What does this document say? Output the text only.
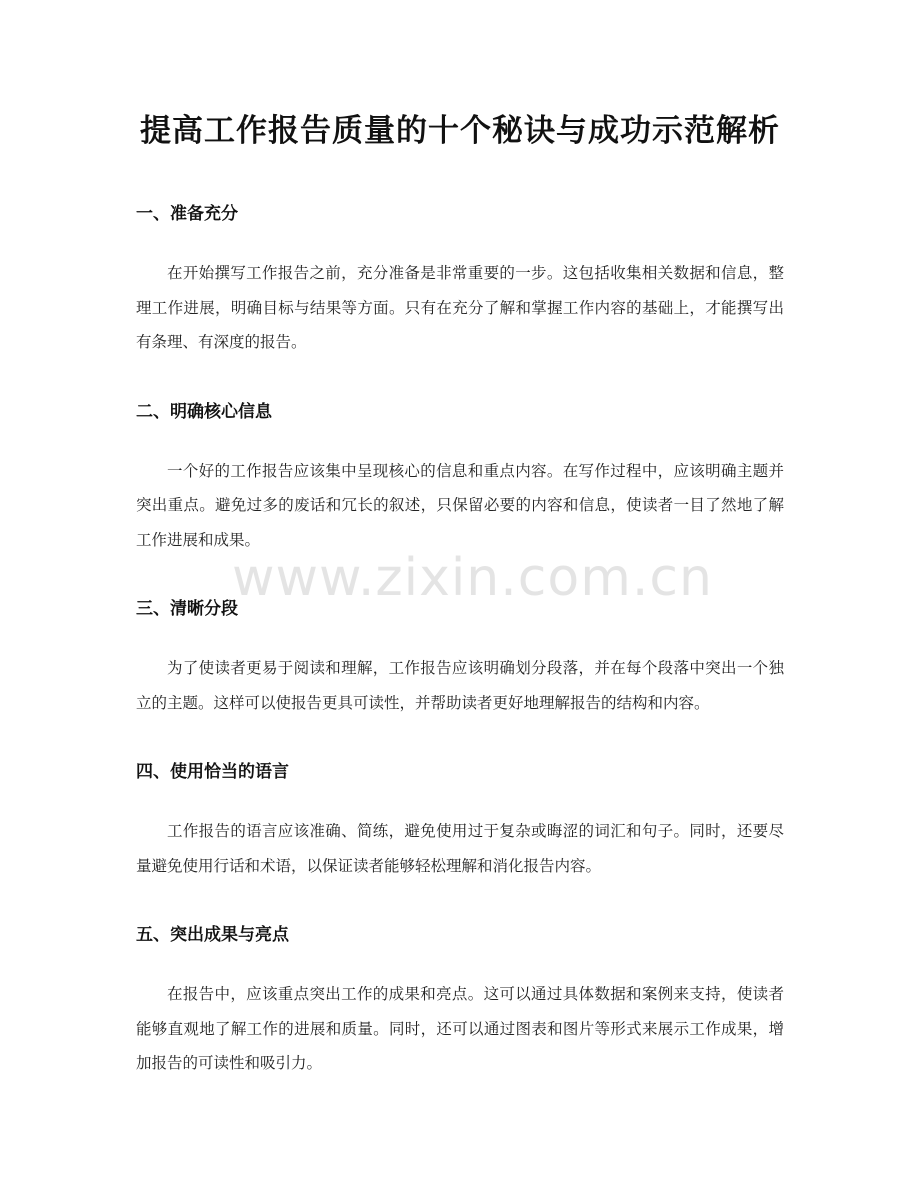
提高工作报告质量的十个秘诀与成功示范解析
一、准备充分

在开始撰写工作报告之前，充分准备是非常重要的一步。这包括收集相关数据和信息，整理工作进展，明确目标与结果等方面。只有在充分了解和掌握工作内容的基础上，才能撰写出有条理、有深度的报告。

二、明确核心信息

一个好的工作报告应该集中呈现核心的信息和重点内容。在写作过程中，应该明确主题并突出重点。避免过多的废话和冗长的叙述，只保留必要的内容和信息，使读者一目了然地了解工作进展和成果。

三、清晰分段

为了使读者更易于阅读和理解，工作报告应该明确划分段落，并在每个段落中突出一个独立的主题。这样可以使报告更具可读性，并帮助读者更好地理解报告的结构和内容。

四、使用恰当的语言

工作报告的语言应该准确、简练，避免使用过于复杂或晦涩的词汇和句子。同时，还要尽量避免使用行话和术语，以保证读者能够轻松理解和消化报告内容。

五、突出成果与亮点

在报告中，应该重点突出工作的成果和亮点。这可以通过具体数据和案例来支持，使读者能够直观地了解工作的进展和质量。同时，还可以通过图表和图片等形式来展示工作成果，增加报告的可读性和吸引力。

www.zixin.com.cn
